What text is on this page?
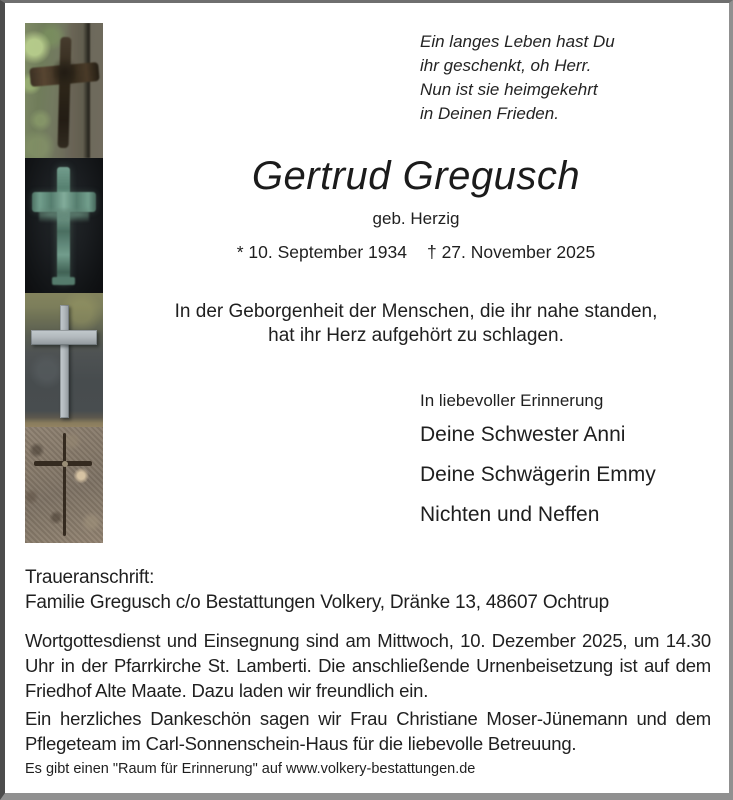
Ein langes Leben hast Du
ihr geschenkt, oh Herr.
Nun ist sie heimgekehrt
in Deinen Frieden.
Gertrud Gregusch
geb. Herzig
* 10. September 1934 † 27. November 2025
In der Geborgenheit der Menschen, die ihr nahe standen,
hat ihr Herz aufgehört zu schlagen.

In liebevoller Erinnerung

Deine Schwester Anni

Deine Schwägerin Emmy

Nichten und Neffen

Traueranschrift:

Familie Gregusch c/o Bestattungen Volkery, Dränke 13, 48607 Ochtrup

Wortgottesdienst und Einsegnung sind am Mittwoch, 10. Dezember 2025, um 14.30 Uhr in der Pfarrkirche St. Lamberti. Die anschließende Urnenbeisetzung ist auf dem Friedhof Alte Maate. Dazu laden wir freundlich ein.

Ein herzliches Dankeschön sagen wir Frau Christiane Moser-Jünemann und dem Pflegeteam im Carl-Sonnenschein-Haus für die liebevolle Betreuung.

Es gibt einen "Raum für Erinnerung" auf www.volkery-bestattungen.de
